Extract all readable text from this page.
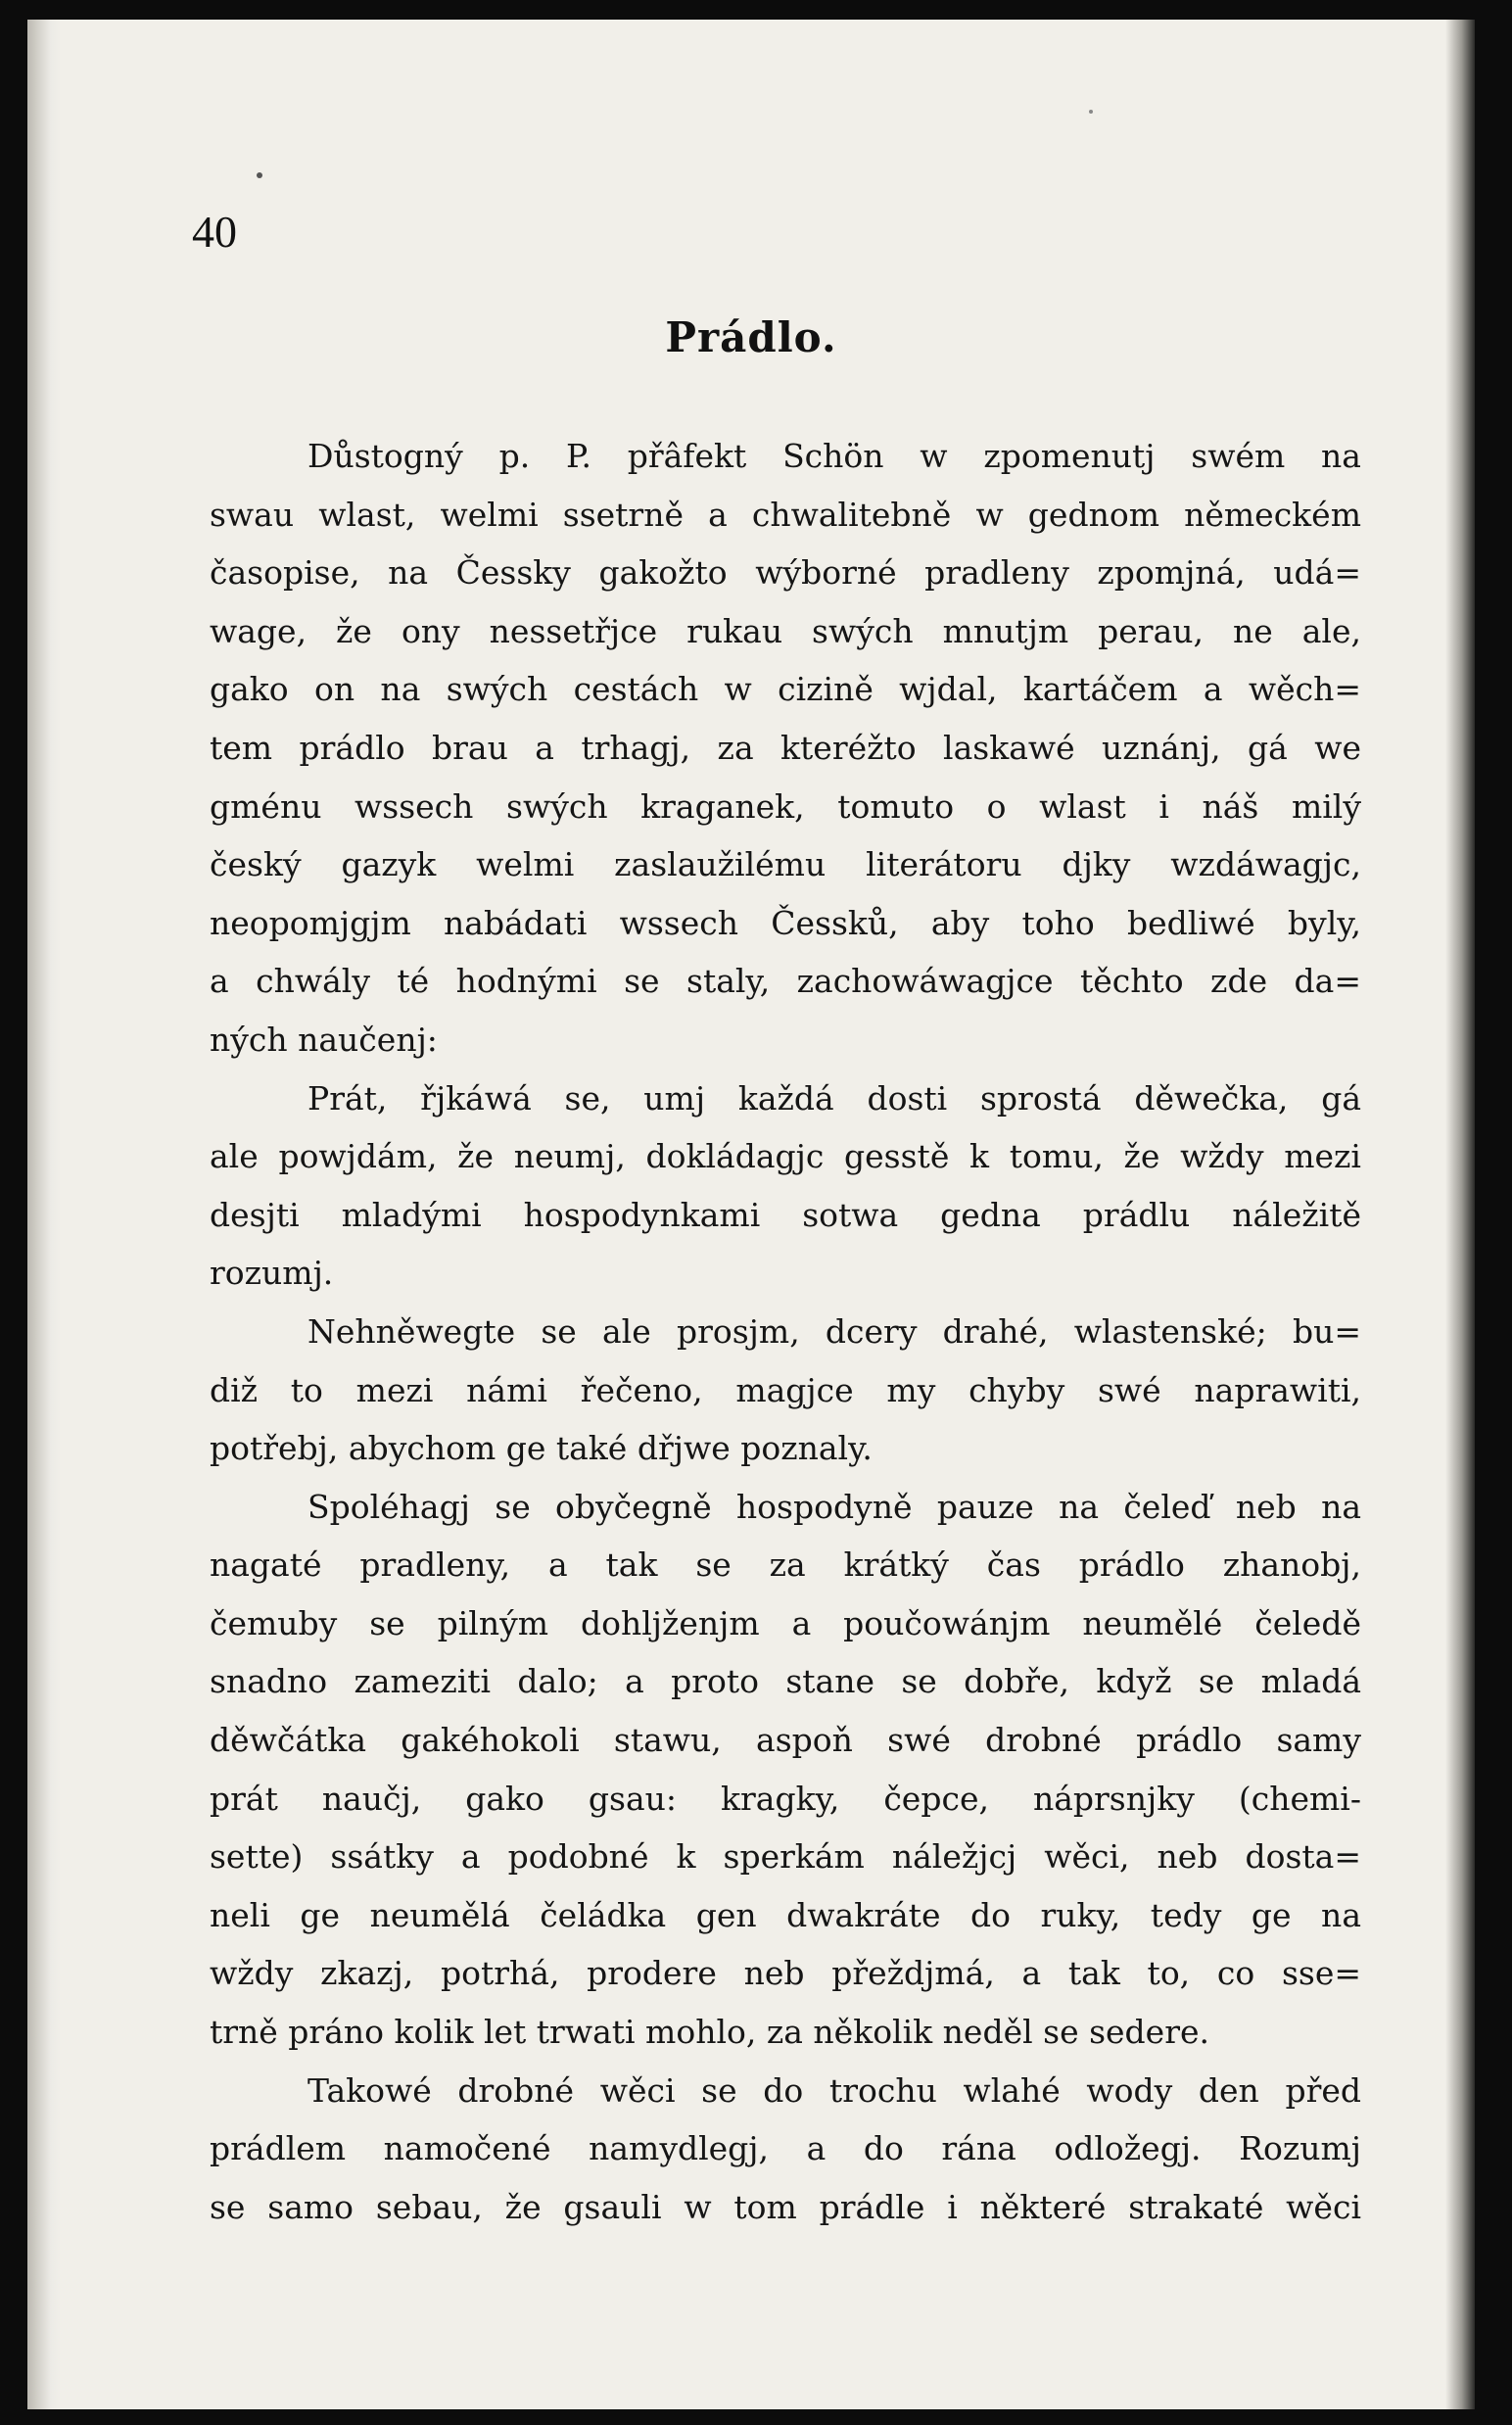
40
Prádlo.
Důstogný p. P. přâfekt Schön w zpomenutj swém na
swau wlast, welmi ssetrně a chwalitebně w gednom německém
časopise, na Čessky gakožto wýborné pradleny zpomjná, udá=
wage, že ony nessetřjce rukau swých mnutjm perau, ne ale,
gako on na swých cestách w cizině wjdal, kartáčem a wěch=
tem prádlo brau a trhagj, za kteréžto laskawé uznánj, gá we
gménu wssech swých kraganek, tomuto o wlast i náš milý
český gazyk welmi zaslaužilému literátoru djky wzdáwagjc,
neopomjgjm nabádati wssech Čessků, aby toho bedliwé byly,
a chwály té hodnými se staly, zachowáwagjce těchto zde da=
ných naučenj:
Prát, řjkáwá se, umj každá dosti sprostá děwečka, gá
ale powjdám, že neumj, dokládagjc gesstě k tomu, že wždy mezi
desjti mladými hospodynkami sotwa gedna prádlu náležitě
rozumj.
Nehněwegte se ale prosjm, dcery drahé, wlastenské; bu=
diž to mezi námi řečeno, magjce my chyby swé naprawiti,
potřebj, abychom ge také dřjwe poznaly.
Spoléhagj se obyčegně hospodyně pauze na čeleď neb na
nagaté pradleny, a tak se za krátký čas prádlo zhanobj,
čemuby se pilným dohljženjm a poučowánjm neumělé čeledě
snadno zameziti dalo; a proto stane se dobře, když se mladá
děwčátka gakéhokoli stawu, aspoň swé drobné prádlo samy
prát naučj, gako gsau: kragky, čepce, náprsnjky (chemi-
sette) ssátky a podobné k sperkám náležjcj wěci, neb dosta=
neli ge neumělá čeládka gen dwakráte do ruky, tedy ge na
wždy zkazj, potrhá, prodere neb přeždjmá, a tak to, co sse=
trně práno kolik let trwati mohlo, za několik neděl se sedere.
Takowé drobné wěci se do trochu wlahé wody den před
prádlem namočené namydlegj, a do rána odložegj. Rozumj
se samo sebau, že gsauli w tom prádle i některé strakaté wěci
